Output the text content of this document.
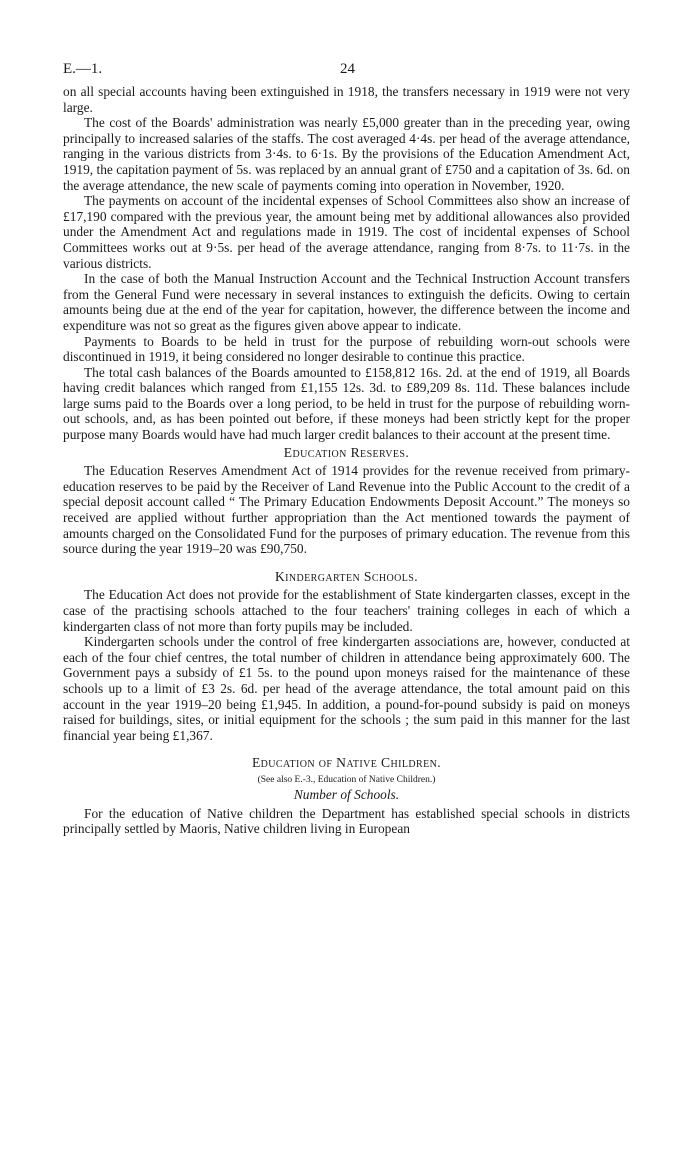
E.—1.	24

on all special accounts having been extinguished in 1918, the transfers necessary in 1919 were not very large.

The cost of the Boards' administration was nearly £5,000 greater than in the preceding year, owing principally to increased salaries of the staffs. The cost averaged 4·4s. per head of the average attendance, ranging in the various districts from 3·4s. to 6·1s. By the provisions of the Education Amendment Act, 1919, the capitation payment of 5s. was replaced by an annual grant of £750 and a capitation of 3s. 6d. on the average attendance, the new scale of payments coming into operation in November, 1920.

The payments on account of the incidental expenses of School Committees also show an increase of £17,190 compared with the previous year, the amount being met by additional allowances also provided under the Amendment Act and regulations made in 1919. The cost of incidental expenses of School Committees works out at 9·5s. per head of the average attendance, ranging from 8·7s. to 11·7s. in the various districts.

In the case of both the Manual Instruction Account and the Technical Instruction Account transfers from the General Fund were necessary in several instances to extinguish the deficits. Owing to certain amounts being due at the end of the year for capitation, however, the difference between the income and expenditure was not so great as the figures given above appear to indicate.

Payments to Boards to be held in trust for the purpose of rebuilding worn-out schools were discontinued in 1919, it being considered no longer desirable to continue this practice.

The total cash balances of the Boards amounted to £158,812 16s. 2d. at the end of 1919, all Boards having credit balances which ranged from £1,155 12s. 3d. to £89,209 8s. 11d. These balances include large sums paid to the Boards over a long period, to be held in trust for the purpose of rebuilding worn-out schools, and, as has been pointed out before, if these moneys had been strictly kept for the proper purpose many Boards would have had much larger credit balances to their account at the present time.

Education Reserves.

The Education Reserves Amendment Act of 1914 provides for the revenue received from primary-education reserves to be paid by the Receiver of Land Revenue into the Public Account to the credit of a special deposit account called “ The Primary Education Endowments Deposit Account.” The moneys so received are applied without further appropriation than the Act mentioned towards the payment of amounts charged on the Consolidated Fund for the purposes of primary education. The revenue from this source during the year 1919–20 was £90,750.

Kindergarten Schools.

The Education Act does not provide for the establishment of State kindergarten classes, except in the case of the practising schools attached to the four teachers' training colleges in each of which a kindergarten class of not more than forty pupils may be included.

Kindergarten schools under the control of free kindergarten associations are, however, conducted at each of the four chief centres, the total number of children in attendance being approximately 600. The Government pays a subsidy of £1 5s. to the pound upon moneys raised for the maintenance of these schools up to a limit of £3 2s. 6d. per head of the average attendance, the total amount paid on this account in the year 1919–20 being £1,945. In addition, a pound-for-pound subsidy is paid on moneys raised for buildings, sites, or initial equipment for the schools ; the sum paid in this manner for the last financial year being £1,367.

Education of Native Children.
(See also E.-3., Education of Native Children.)
Number of Schools.

For the education of Native children the Department has established special schools in districts principally settled by Maoris, Native children living in European
